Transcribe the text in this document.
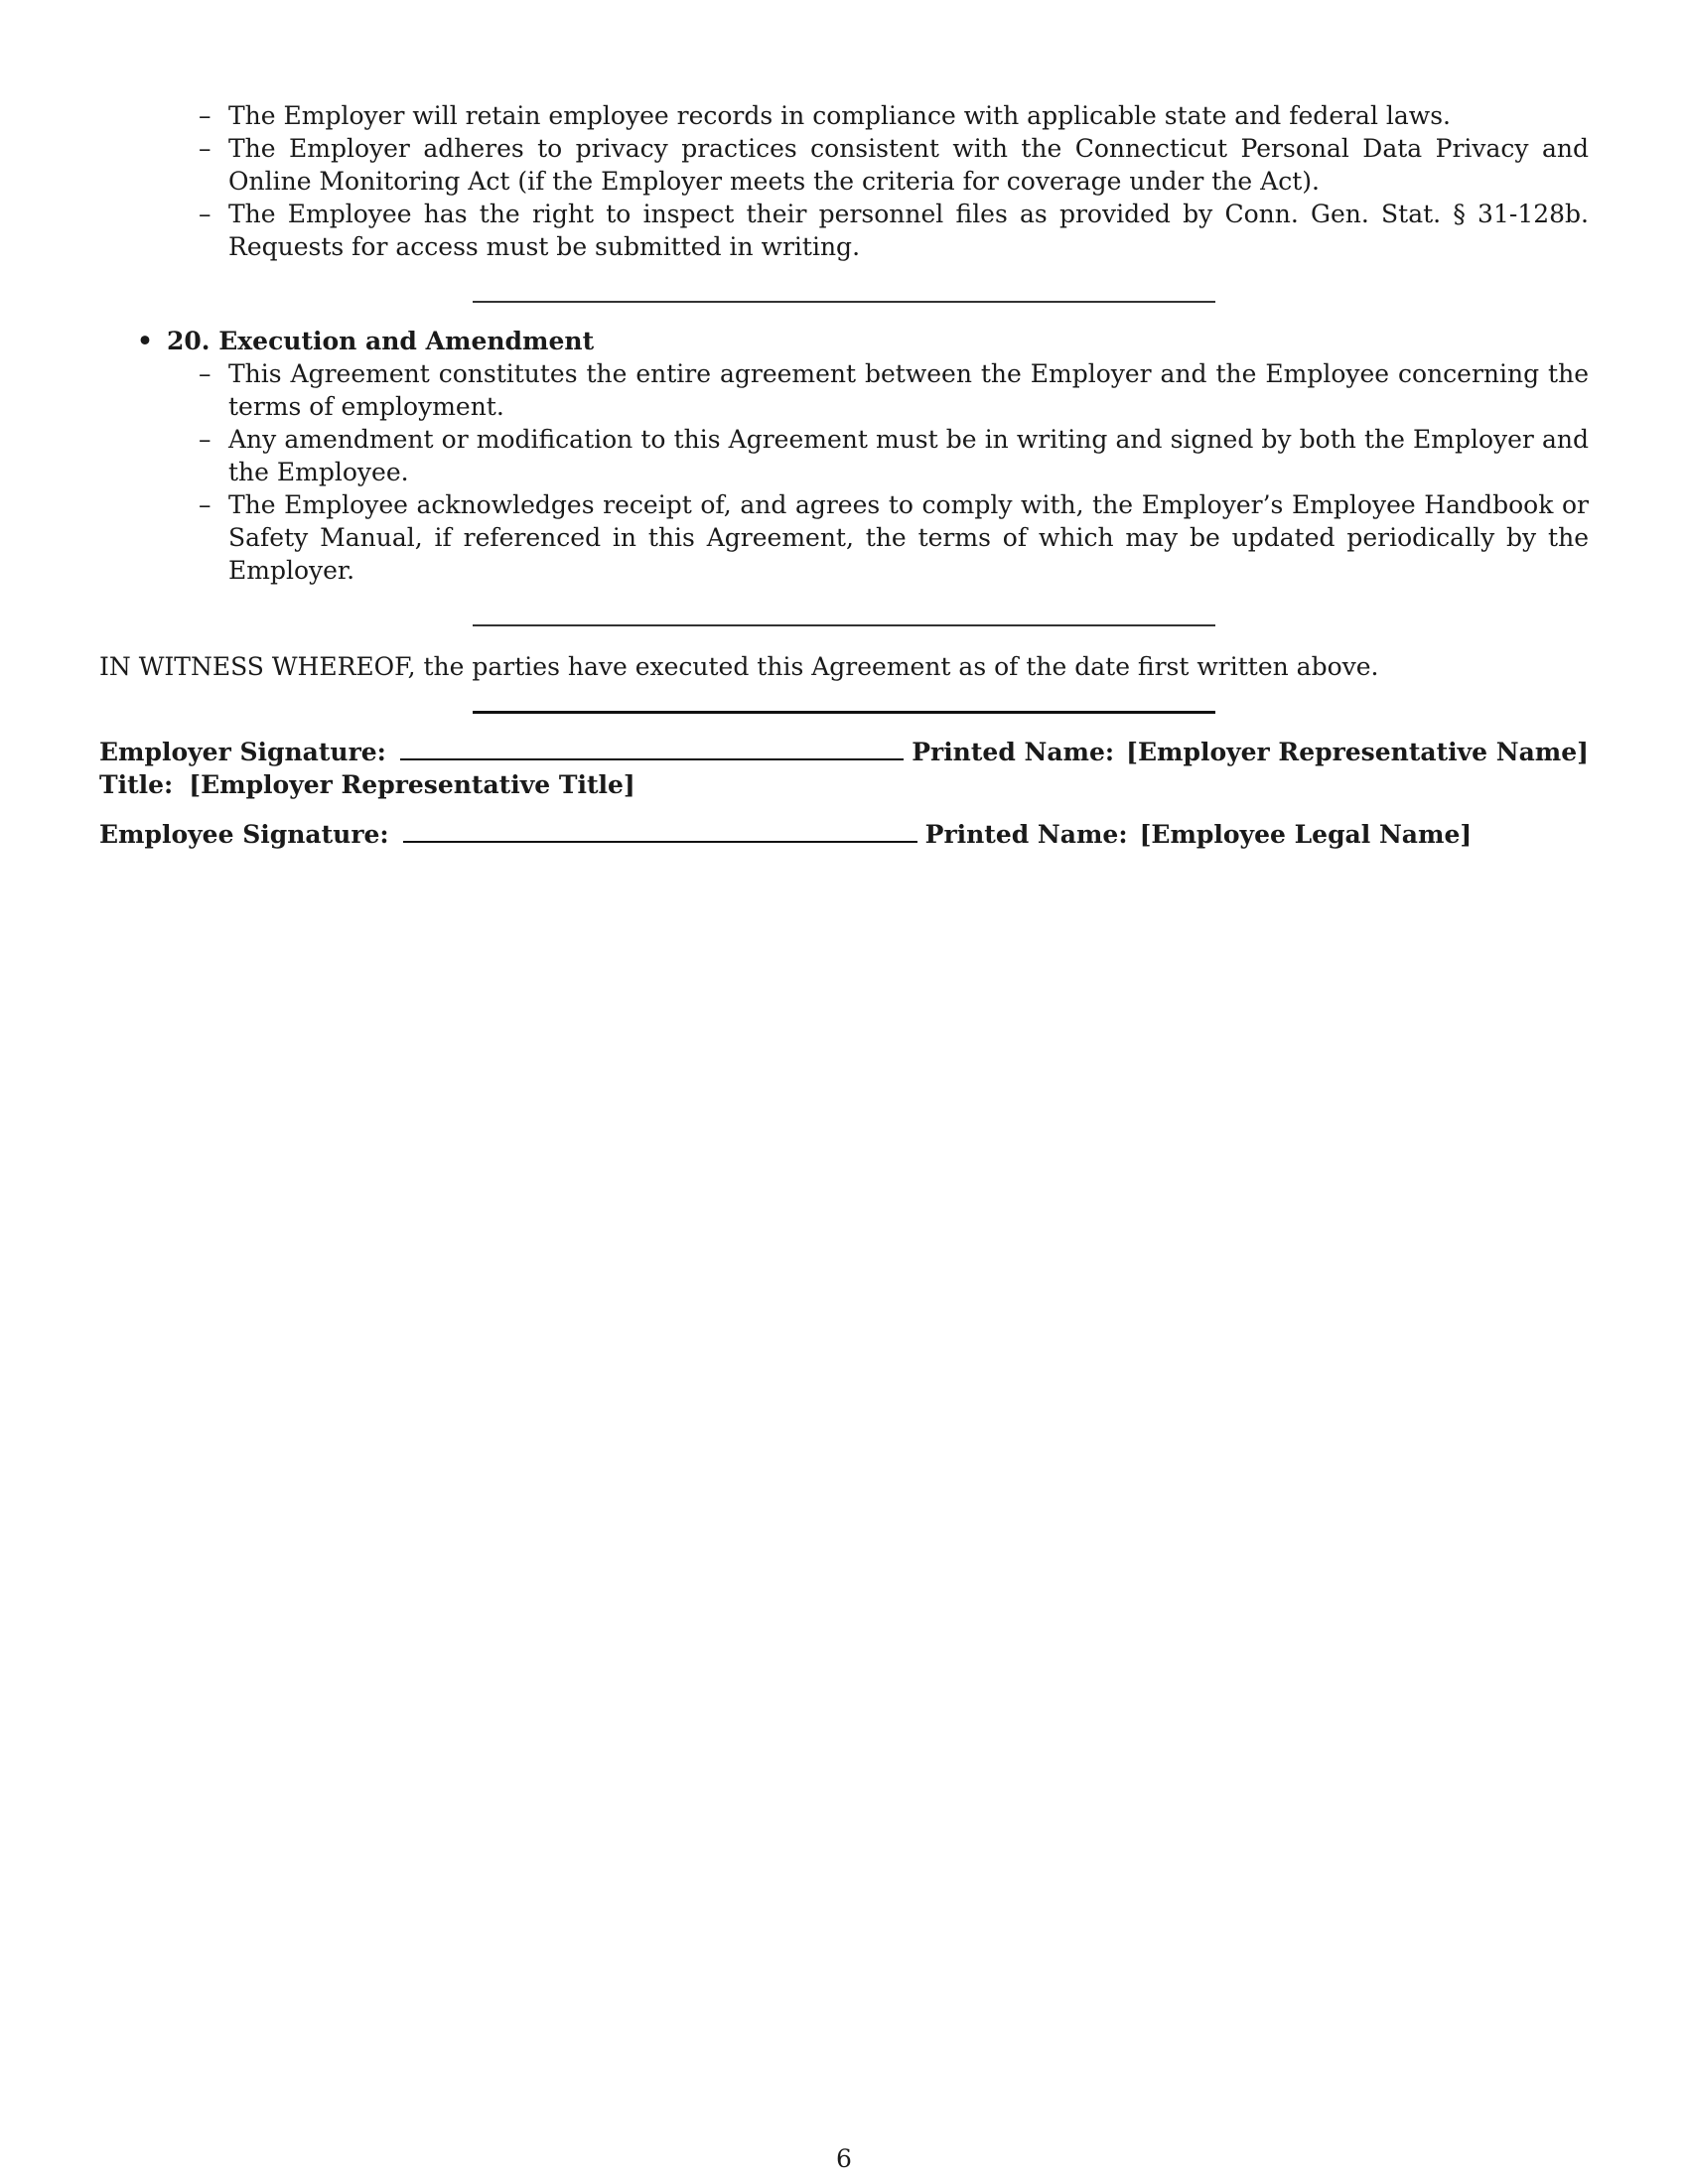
– The Employer will retain employee records in compliance with applicable state and federal laws.
– The Employer adheres to privacy practices consistent with the Connecticut Personal Data Privacy and Online Monitoring Act (if the Employer meets the criteria for coverage under the Act).
– The Employee has the right to inspect their personnel files as provided by Conn. Gen. Stat. § 31-128b. Requests for access must be submitted in writing.
• 20. Execution and Amendment
– This Agreement constitutes the entire agreement between the Employer and the Employee concerning the terms of employment.
– Any amendment or modification to this Agreement must be in writing and signed by both the Employer and the Employee.
– The Employee acknowledges receipt of, and agrees to comply with, the Employer’s Employee Handbook or Safety Manual, if referenced in this Agreement, the terms of which may be updated periodically by the Employer.
IN WITNESS WHEREOF, the parties have executed this Agreement as of the date first written above.
Employer Signature:	Printed Name: [Employer Representative Name]
Title: [Employer Representative Title]
Employee Signature:	Printed Name: [Employee Legal Name]
6
